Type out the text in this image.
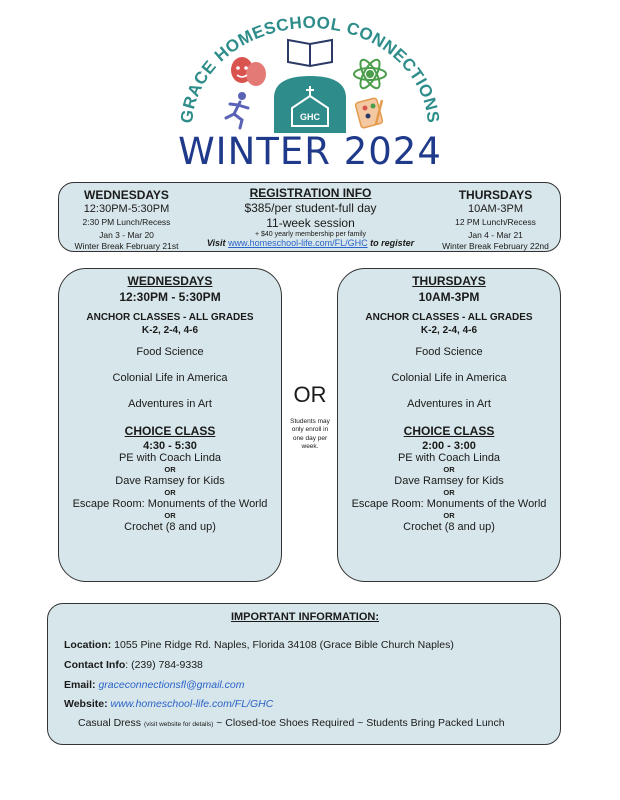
GRACE HOMESCHOOL CONNECTIONS
GHC
WINTER 2024
WEDNESDAYS
12:30PM-5:30PM
2:30 PM Lunch/Recess
Jan 3 - Mar 20
Winter Break February 21st
REGISTRATION INFO
$385/per student-full day
11-week session
+ $40 yearly membership per family
THURSDAYS
10AM-3PM
12 PM Lunch/Recess
Jan 4 - Mar 21
Winter Break February 22nd
Visit www.homeschool-life.com/FL/GHC to register
WEDNESDAYS
12:30PM - 5:30PM
ANCHOR CLASSES - ALL GRADES
K-2, 2-4, 4-6
Food Science
Colonial Life in America
Adventures in Art
CHOICE CLASS
4:30 - 5:30
PE with Coach Linda
OR
Dave Ramsey for Kids
OR
Escape Room: Monuments of the World
OR
Crochet (8 and up)
OR
Students may only enroll in one day per week.
THURSDAYS
10AM-3PM
ANCHOR CLASSES - ALL GRADES
K-2, 2-4, 4-6
Food Science
Colonial Life in America
Adventures in Art
CHOICE CLASS
2:00 - 3:00
PE with Coach Linda
OR
Dave Ramsey for Kids
OR
Escape Room: Monuments of the World
OR
Crochet (8 and up)
IMPORTANT INFORMATION:
Location: 1055 Pine Ridge Rd. Naples, Florida 34108 (Grace Bible Church Naples)
Contact Info: (239) 784-9338
Email: graceconnectionsfl@gmail.com
Website: www.homeschool-life.com/FL/GHC
Casual Dress (visit website for details) ~ Closed-toe Shoes Required ~ Students Bring Packed Lunch
